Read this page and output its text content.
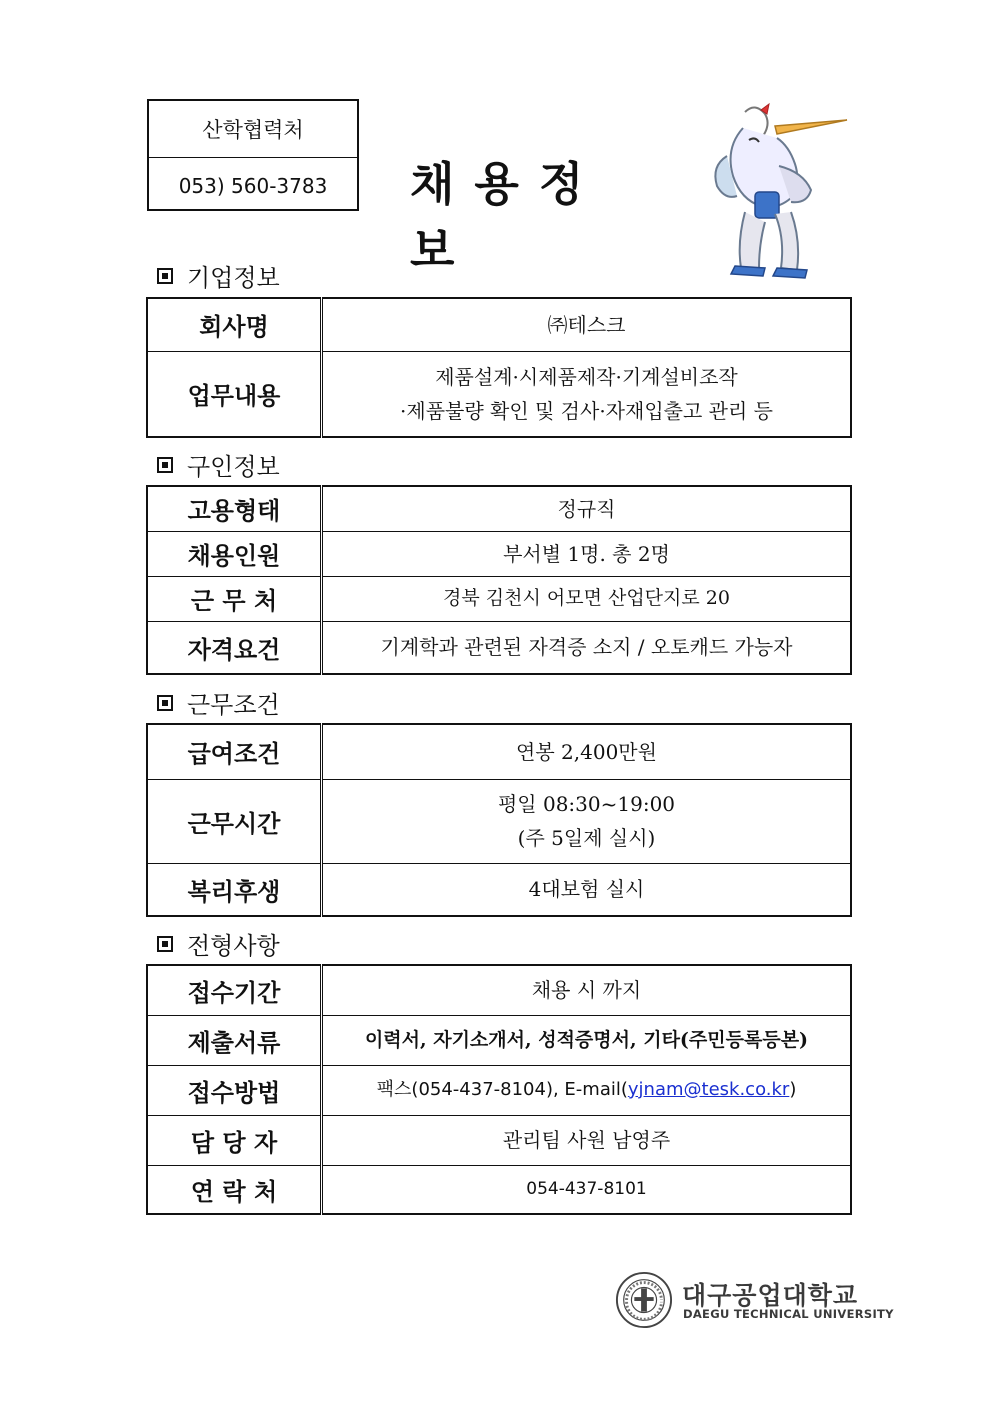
산학협력처
053) 560-3783	채용정보
기업정보
회사명	㈜테스크
업무내용	제품설계·시제품제작·기계설비조작
·제품불량 확인 및 검사·자재입출고 관리 등
구인정보
고용형태	정규직
채용인원	부서별 1명. 총 2명
근 무 처	경북 김천시 어모면 산업단지로 20
자격요건	기계학과 관련된 자격증 소지 / 오토캐드 가능자
근무조건
급여조건	연봉 2,400만원
근무시간	평일 08:30~19:00
(주 5일제 실시)

복리후생	4대보험 실시
전형사항
접수기간	채용 시 까지
제출서류	이력서, 자기소개서, 성적증명서, 기타(주민등록등본)
접수방법	팩스(054-437-8104), E-mail(yjnam@tesk.co.kr)
담 당 자	관리팀 사원 남영주
연 락 처	054-437-8101
대구공업대학교
DAEGU TECHNICAL UNIVERSITY
